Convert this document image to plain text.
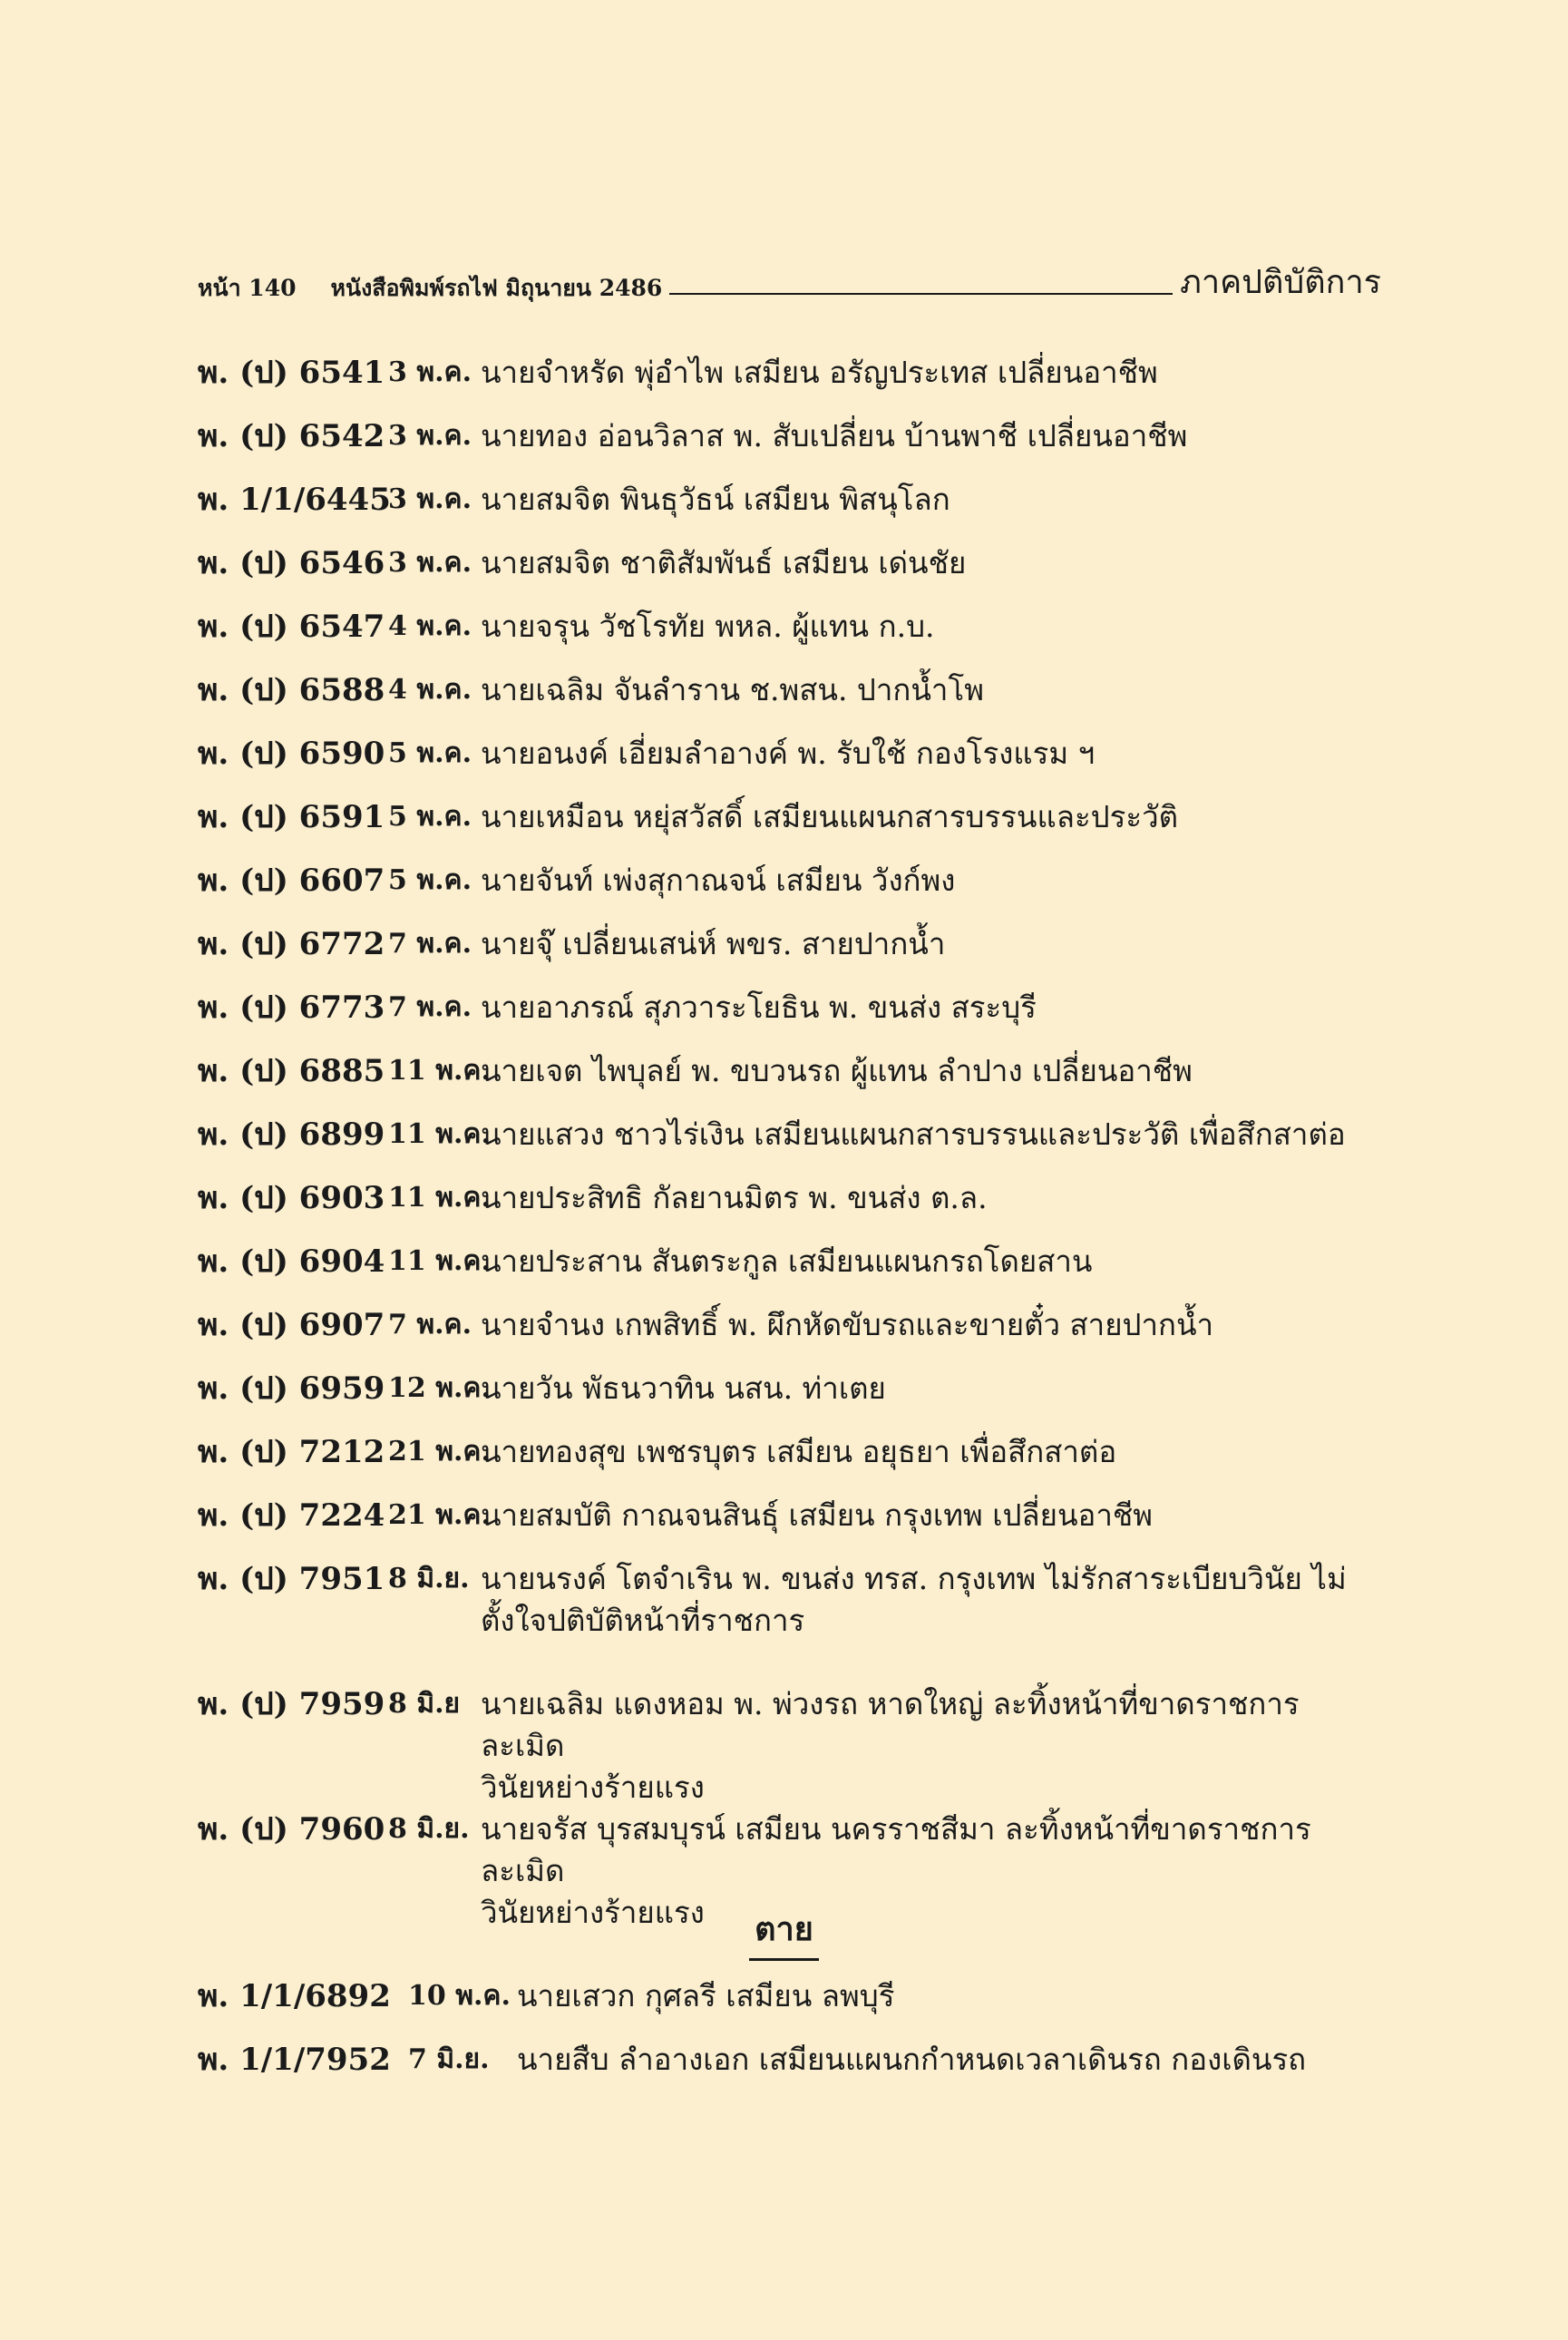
หน้า 140 หนังสือพิมพ์รถไฟ มิถุนายน 2486	ภาคปติบัติการ
พ. (ป) 6541 3 พ.ค. นายจำหรัด พุ่อำไพ เสมียน อรัญประเทส เปลี่ยนอาชีพ
พ. (ป) 6542 3 พ.ค. นายทอง อ่อนวิลาส พ. สับเปลี่ยน บ้านพาชี เปลี่ยนอาชีพ
พ. 1/1/6445
3 พ.ค. นายสมจิต พินธุวัธน์ เสมียน พิสนุโลก
พ. (ป) 6546 3 พ.ค. นายสมจิต ชาติสัมพันธ์ เสมียน เด่นชัย
พ. (ป) 6547 4 พ.ค. นายจรุน วัชโรทัย พหล. ผู้แทน ก.บ.
พ. (ป) 6588 4 พ.ค. นายเฉลิม จันลำราน ช.พสน. ปากน้ำโพ
พ. (ป) 6590 5 พ.ค. นายอนงค์ เอี่ยมลำอางค์ พ. รับใช้ กองโรงแรม ฯ
พ. (ป) 6591 5 พ.ค. นายเหมือน หยุ่สวัสดิ์ เสมียนแผนกสารบรรนและประวัติ
พ. (ป) 6607 5 พ.ค. นายจันท์ เพ่งสุกาณจน์ เสมียน วังก์พง
พ. (ป) 6772 7 พ.ค. นายจุ๊ เปลี่ยนเสน่ห์ พขร. สายปากน้ำ
พ. (ป) 6773 7 พ.ค. นายอาภรณ์ สุภวาระโยธิน พ. ขนส่ง สระบุรี
พ. (ป) 6885 11 พ.ค.
นายเจต ไพบุลย์ พ. ขบวนรถ ผู้แทน ลำปาง เปลี่ยนอาชีพ
พ. (ป) 6899 11 พ.ค.
นายแสวง ชาวไร่เงิน เสมียนแผนกสารบรรนและประวัติ เพื่อสึกสาต่อ
พ. (ป) 6903 11 พ.ค.
นายประสิทธิ กัลยานมิตร พ. ขนส่ง ต.ล.
พ. (ป) 6904 11 พ.ค.
นายประสาน สันตระกูล เสมียนแผนกรถโดยสาน
พ. (ป) 6907 7 พ.ค. นายจำนง เกพสิทธิ์ พ. ผึกหัดขับรถและขายตั๋ว สายปากน้ำ
พ. (ป) 6959 12 พ.ค.
นายวัน พัธนวาทิน นสน. ท่าเตย
พ. (ป) 7212 21 พ.ค.
นายทองสุข เพชรบุตร เสมียน อยุธยา เพื่อสึกสาต่อ
พ. (ป) 7224 21 พ.ค.
นายสมบัติ กาณจนสินธุ์ เสมียน กรุงเทพ เปลี่ยนอาชีพ
พ. (ป) 7951 8 มิ.ย. นายนรงค์ โตจำเริน พ. ขนส่ง ทรส. กรุงเทพ ไม่รักสาระเบียบวินัย ไม่
ตั้งใจปติบัติหน้าที่ราชการ
พ. (ป) 7959 8 มิ.ย นายเฉลิม แดงหอม พ. พ่วงรถ หาดใหญ่ ละทิ้งหน้าที่ขาดราชการ ละเมิด
วินัยหย่างร้ายแรง
พ. (ป) 7960 8 มิ.ย. นายจรัส บุรสมบุรน์ เสมียน นครราชสีมา ละทิ้งหน้าที่ขาดราชการ ละเมิด
วินัยหย่างร้ายแรง	ตาย
พ. 1/1/6892 10 พ.ค. นายเสวก กุศลรี เสมียน ลพบุรี
พ. 1/1/7952 7 มิ.ย. นายสืบ ลำอางเอก เสมียนแผนกกำหนดเวลาเดินรถ กองเดินรถ
